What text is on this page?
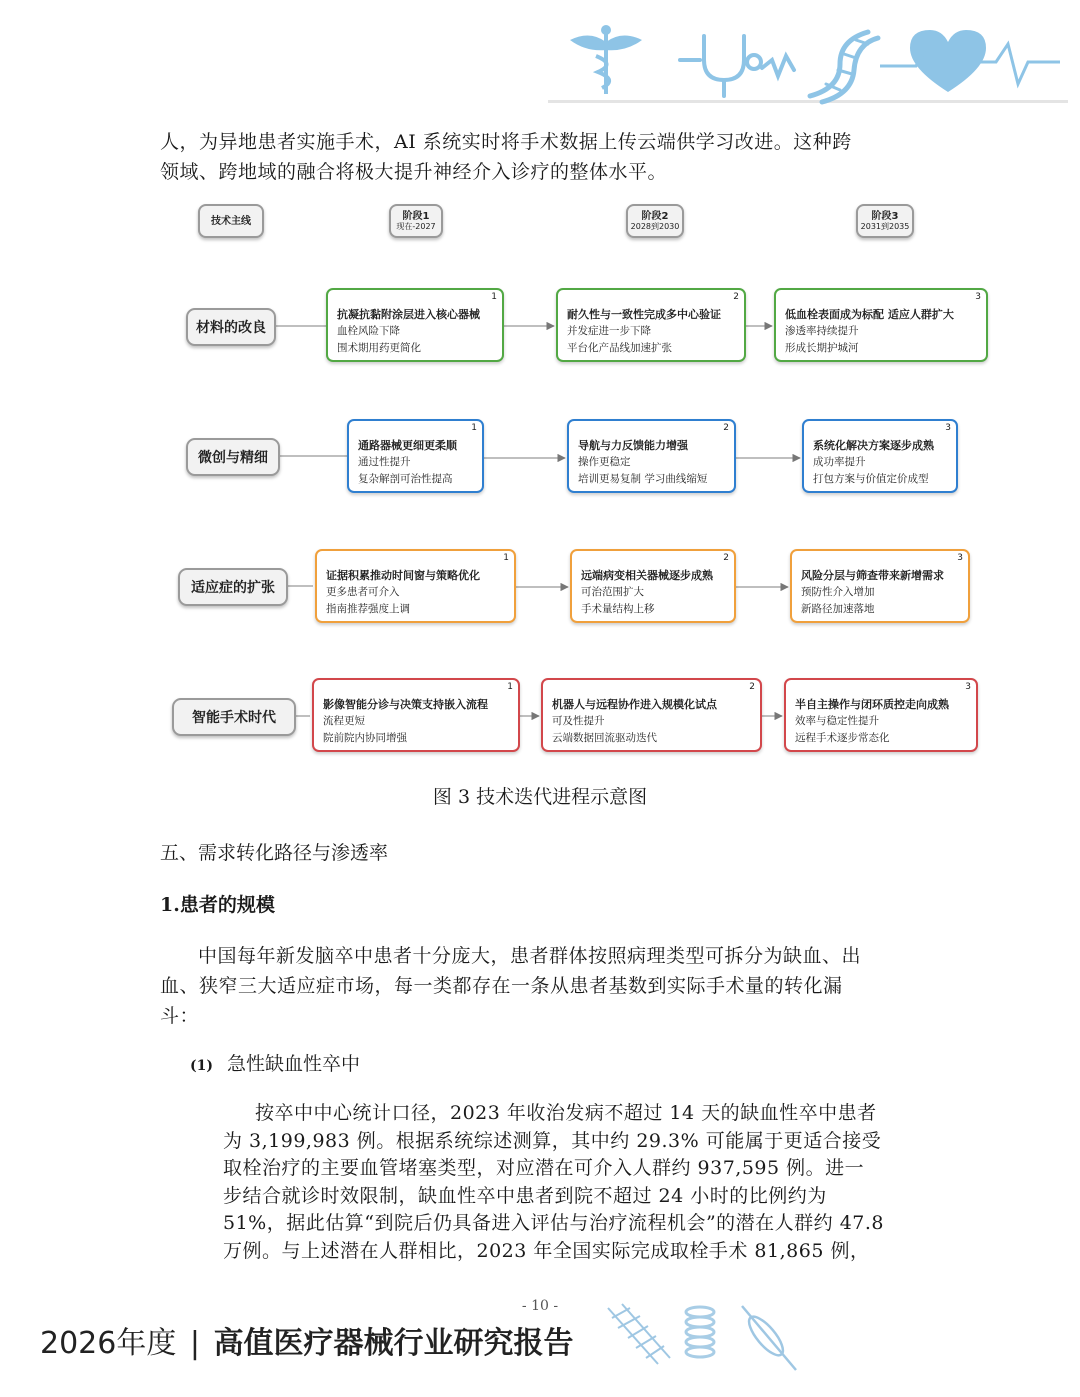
人，为异地患者实施手术，AI 系统实时将手术数据上传云端供学习改进。这种跨
领域、跨地域的融合将极大提升神经介入诊疗的整体水平。
技术主线	阶段1
现在-2027
阶段2
2028到2030
阶段3
2031到2035
材料的改良
1
抗凝抗黏附涂层进入核心器械
血栓风险下降
围术期用药更简化
2
耐久性与一致性完成多中心验证
并发症进一步下降
平台化产品线加速扩张
3
低血栓表面成为标配 适应人群扩大
渗透率持续提升
形成长期护城河
微创与精细
1
通路器械更细更柔顺
通过性提升
复杂解剖可治性提高
2
导航与力反馈能力增强
操作更稳定
培训更易复制 学习曲线缩短
3
系统化解决方案逐步成熟
成功率提升
打包方案与价值定价成型
适应症的扩张
1
证据积累推动时间窗与策略优化
更多患者可介入
指南推荐强度上调
2
远端病变相关器械逐步成熟
可治范围扩大
手术量结构上移
3
风险分层与筛查带来新增需求
预防性介入增加
新路径加速落地
智能手术时代
1
影像智能分诊与决策支持嵌入流程
流程更短
院前院内协同增强
2
机器人与远程协作进入规模化试点
可及性提升
云端数据回流驱动迭代
3
半自主操作与闭环质控走向成熟
效率与稳定性提升
远程手术逐步常态化
图 3 技术迭代进程示意图
五、需求转化路径与渗透率
1.患者的规模
中国每年新发脑卒中患者十分庞大，患者群体按照病理类型可拆分为缺血、出
血、狭窄三大适应症市场，每一类都存在一条从患者基数到实际手术量的转化漏
斗：
(1) 急性缺血性卒中
按卒中中心统计口径，2023 年收治发病不超过 14 天的缺血性卒中患者
为 3,199,983 例。根据系统综述测算，其中约 29.3% 可能属于更适合接受
取栓治疗的主要血管堵塞类型，对应潜在可介入人群约 937,595 例。进一
步结合就诊时效限制，缺血性卒中患者到院不超过 24 小时的比例约为
51%，据此估算“到院后仍具备进入评估与治疗流程机会”的潜在人群约 47.8
万例。与上述潜在人群相比，2023 年全国实际完成取栓手术 81,865 例，
- 10 -
2026年度 | 高值医疗器械行业研究报告
